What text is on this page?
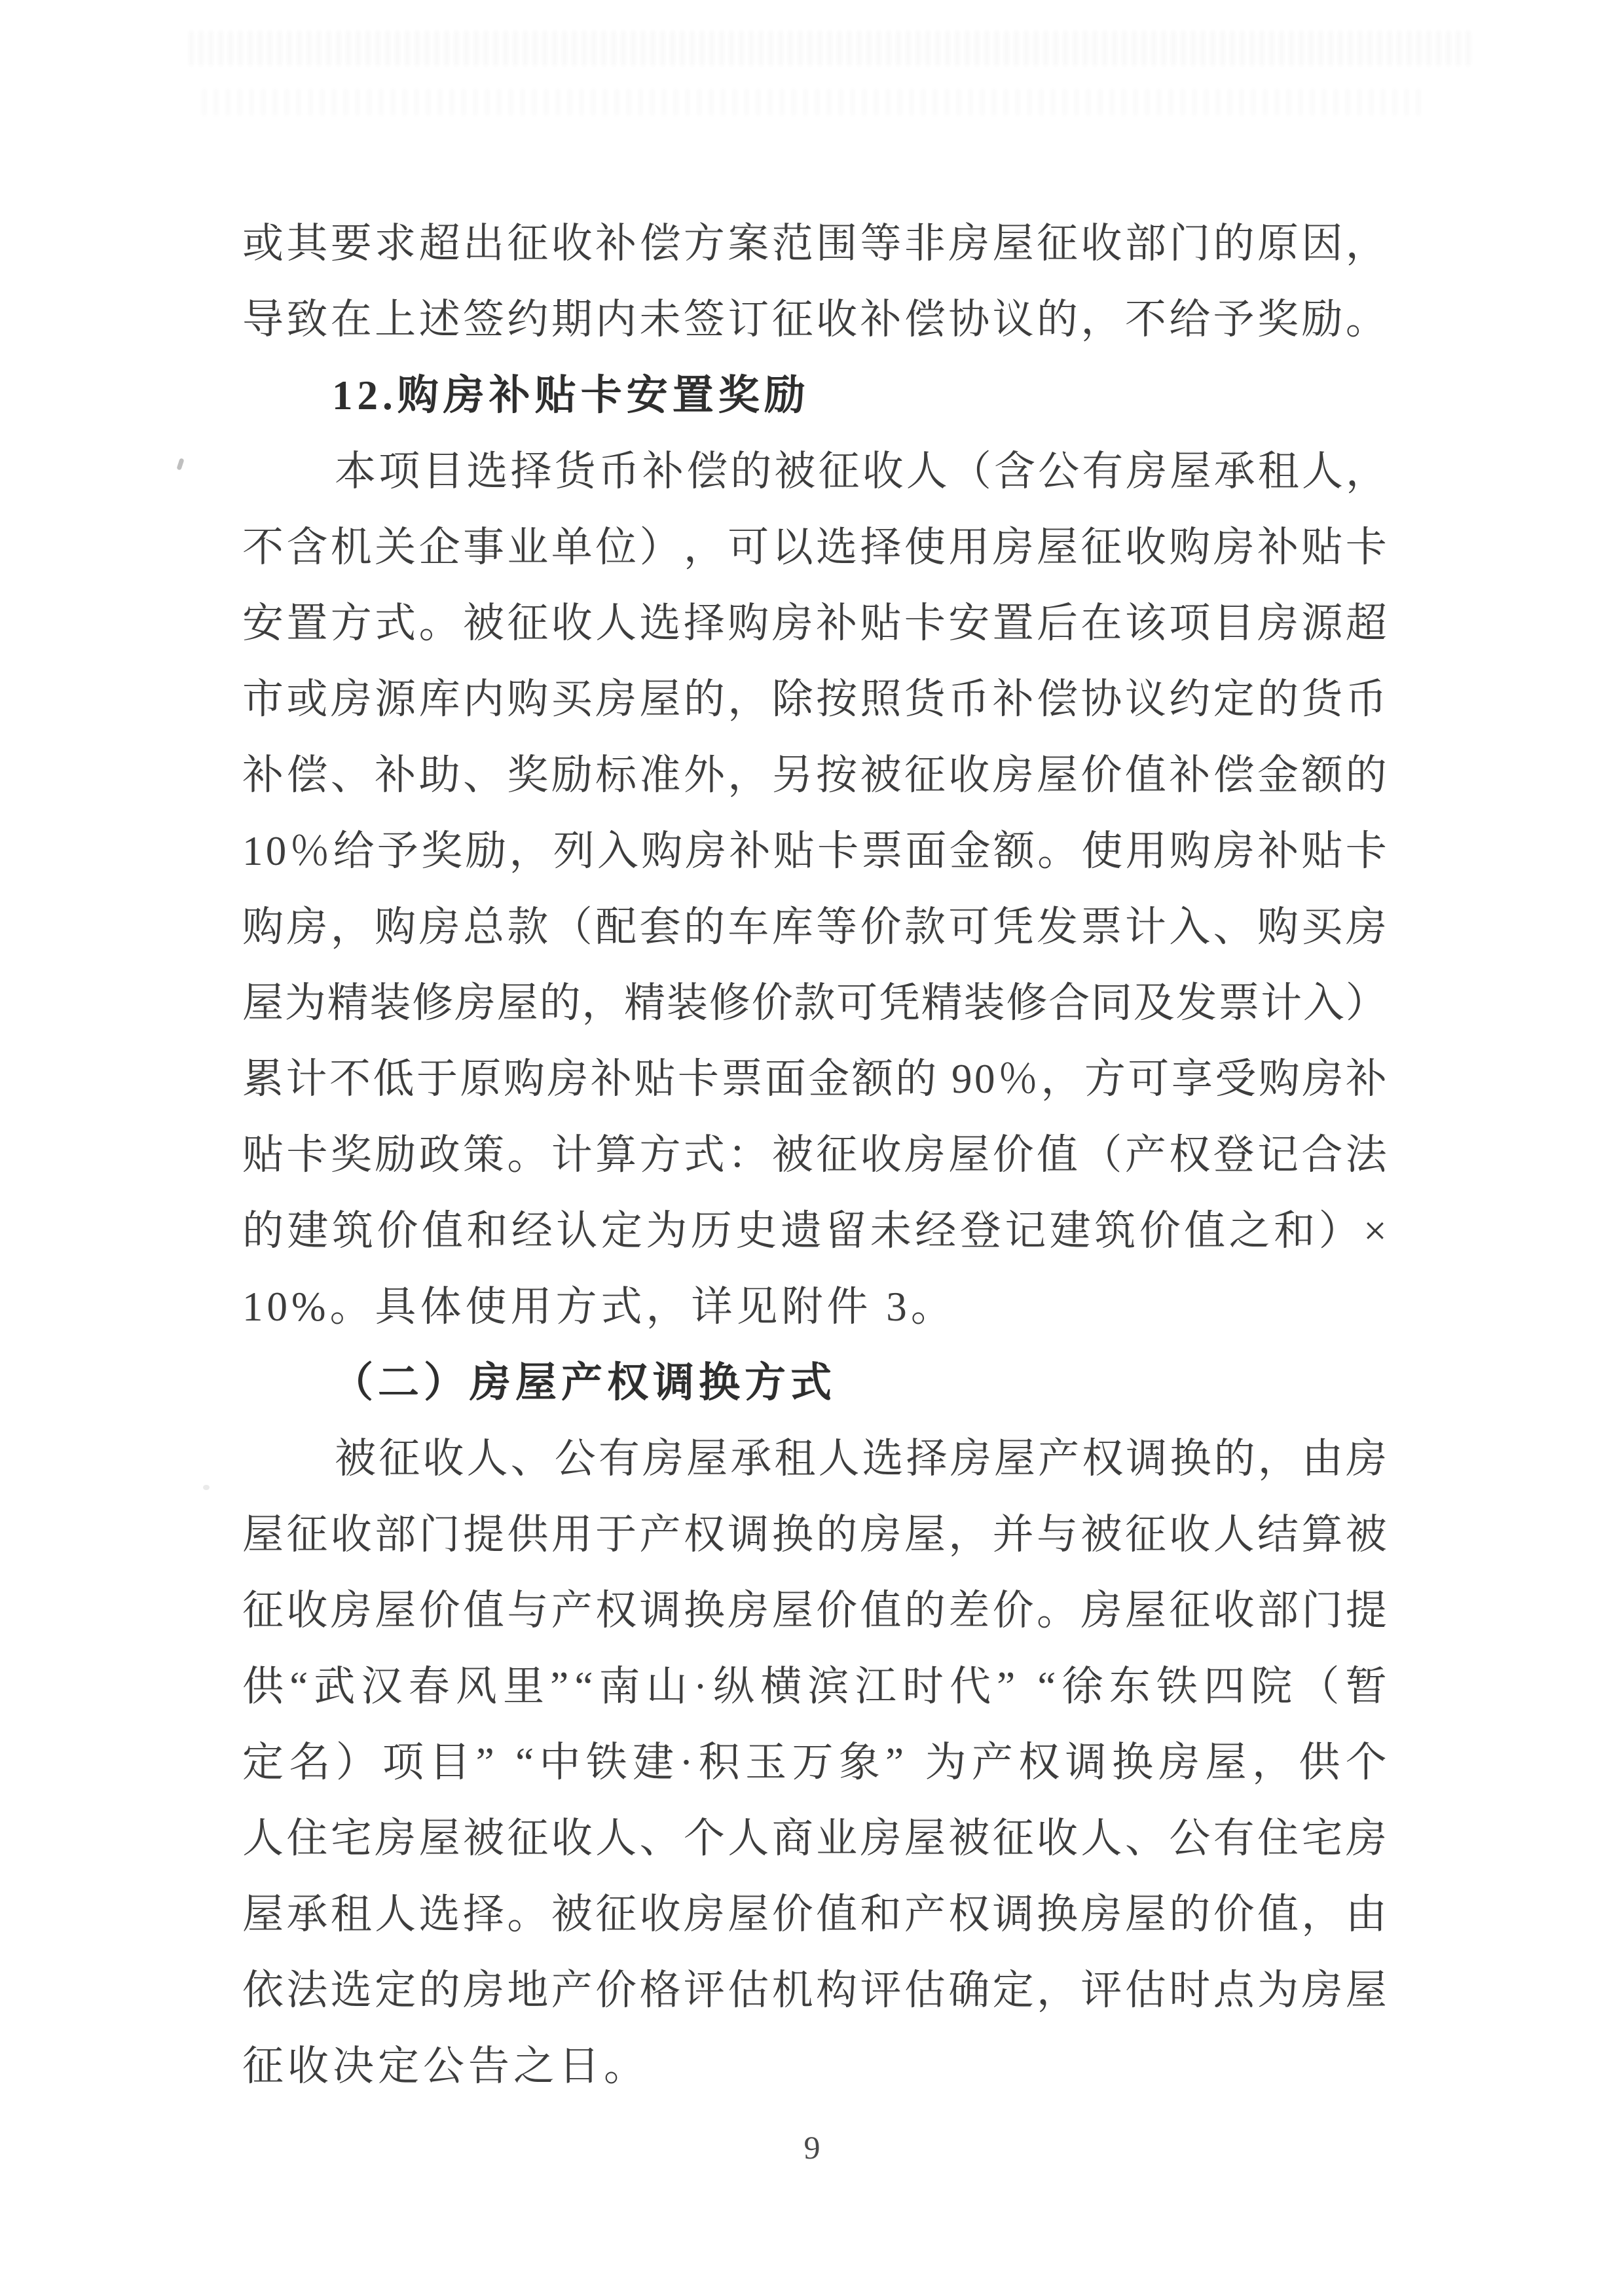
或 其 要 求 超 出 征 收 补 偿 方 案 范 围 等 非 房 屋 征 收 部 门 的 原 因 ，
导 致 在 上 述 签 约 期 内 未 签 订 征 收 补 偿 协 议 的 ， 不 给 予 奖 励 。
12.购房补贴卡安置奖励
本 项 目 选 择 货 币 补 偿 的 被 征 收 人 （ 含 公 有 房 屋 承 租 人 ，
不 含 机 关 企 事 业 单 位 ） ， 可 以 选 择 使 用 房 屋 征 收 购 房 补 贴 卡
安 置 方 式 。 被 征 收 人 选 择 购 房 补 贴 卡 安 置 后 在 该 项 目 房 源 超
市 或 房 源 库 内 购 买 房 屋 的 ， 除 按 照 货 币 补 偿 协 议 约 定 的 货 币
补 偿 、 补 助 、 奖 励 标 准 外 ， 另 按 被 征 收 房 屋 价 值 补 偿 金 额 的
1 0 ％ 给 予 奖 励 ， 列 入 购 房 补 贴 卡 票 面 金 额 。 使 用 购 房 补 贴 卡
购 房 ， 购 房 总 款 （ 配 套 的 车 库 等 价 款 可 凭 发 票 计 入 、 购 买 房
屋 为 精 装 修 房 屋 的 ， 精 装 修 价 款 可 凭 精 装 修 合 同 及 发 票 计 入 ）
累 计 不 低 于 原 购 房 补 贴 卡 票 面 金 额 的
9 0 ％ ， 方 可 享 受 购 房 补
贴 卡 奖 励 政 策 。 计 算 方 式 ： 被 征 收 房 屋 价 值 （ 产 权 登 记 合 法
的 建 筑 价 值 和 经 认 定 为 历 史 遗 留 未 经 登 记 建 筑 价 值 之 和 ） ×
10%。具体使用方式，详见附件 3。
（二）房屋产权调换方式
被 征 收 人 、 公 有 房 屋 承 租 人 选 择 房 屋 产 权 调 换 的 ， 由 房
屋 征 收 部 门 提 供 用 于 产 权 调 换 的 房 屋 ， 并 与 被 征 收 人 结 算 被
征 收 房 屋 价 值 与 产 权 调 换 房 屋 价 值 的 差 价 。 房 屋 征 收 部 门 提
供 “ 武 汉 春 风 里 ” “ 南 山 · 纵 横 滨 江 时 代 ”
“ 徐 东 铁 四 院 （ 暂
定 名 ） 项 目 ”
“ 中 铁 建 · 积 玉 万 象 ”
为 产 权 调 换 房 屋 ， 供 个
人 住 宅 房 屋 被 征 收 人 、 个 人 商 业 房 屋 被 征 收 人 、 公 有 住 宅 房
屋 承 租 人 选 择 。 被 征 收 房 屋 价 值 和 产 权 调 换 房 屋 的 价 值 ， 由
依 法 选 定 的 房 地 产 价 格 评 估 机 构 评 估 确 定 ， 评 估 时 点 为 房 屋
征收决定公告之日。
9
